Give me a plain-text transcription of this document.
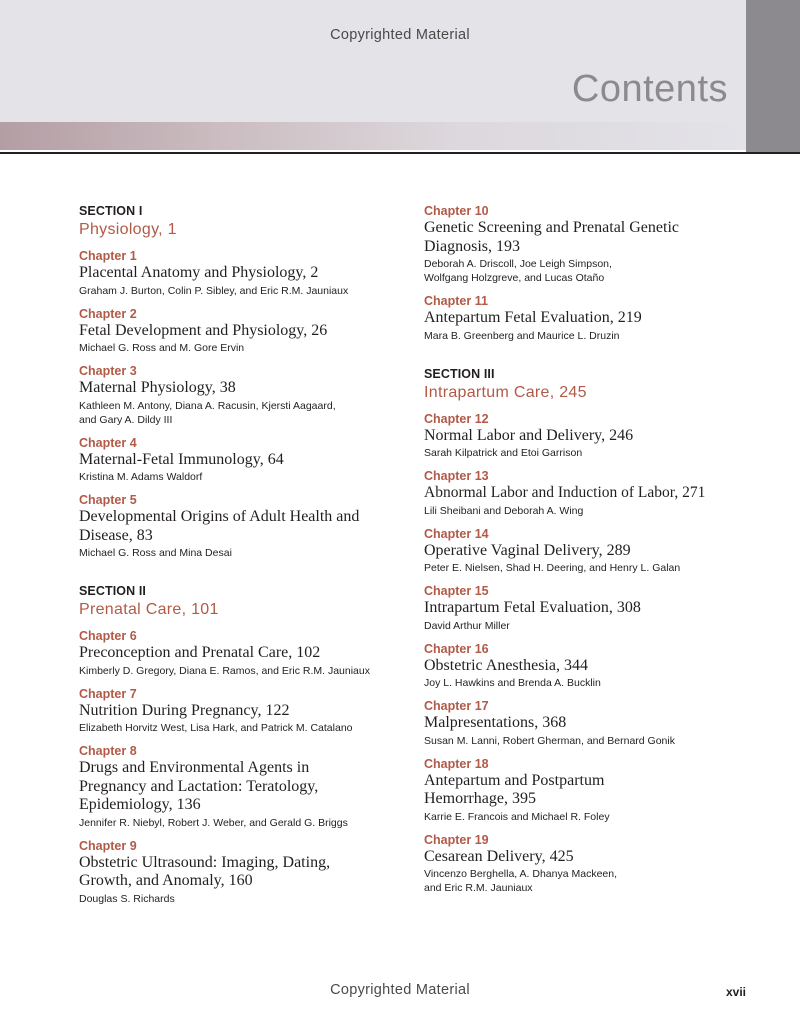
Copyrighted Material
Contents
SECTION I
Physiology, 1
Chapter 1
Placental Anatomy and Physiology, 2
Graham J. Burton, Colin P. Sibley, and Eric R.M. Jauniaux
Chapter 2
Fetal Development and Physiology, 26
Michael G. Ross and M. Gore Ervin
Chapter 3
Maternal Physiology, 38
Kathleen M. Antony, Diana A. Racusin, Kjersti Aagaard,
and Gary A. Dildy III
Chapter 4
Maternal-Fetal Immunology, 64
Kristina M. Adams Waldorf
Chapter 5
Developmental Origins of Adult Health and Disease, 83
Michael G. Ross and Mina Desai
SECTION II
Prenatal Care, 101
Chapter 6
Preconception and Prenatal Care, 102
Kimberly D. Gregory, Diana E. Ramos, and Eric R.M. Jauniaux
Chapter 7
Nutrition During Pregnancy, 122
Elizabeth Horvitz West, Lisa Hark, and Patrick M. Catalano
Chapter 8
Drugs and Environmental Agents in Pregnancy and Lactation: Teratology, Epidemiology, 136
Jennifer R. Niebyl, Robert J. Weber, and Gerald G. Briggs
Chapter 9
Obstetric Ultrasound: Imaging, Dating, Growth, and Anomaly, 160
Douglas S. Richards
Chapter 10
Genetic Screening and Prenatal Genetic Diagnosis, 193
Deborah A. Driscoll, Joe Leigh Simpson,
Wolfgang Holzgreve, and Lucas Otaño
Chapter 11
Antepartum Fetal Evaluation, 219
Mara B. Greenberg and Maurice L. Druzin
SECTION III
Intrapartum Care, 245
Chapter 12
Normal Labor and Delivery, 246
Sarah Kilpatrick and Etoi Garrison
Chapter 13
Abnormal Labor and Induction of Labor, 271
Lili Sheibani and Deborah A. Wing
Chapter 14
Operative Vaginal Delivery, 289
Peter E. Nielsen, Shad H. Deering, and Henry L. Galan
Chapter 15
Intrapartum Fetal Evaluation, 308
David Arthur Miller
Chapter 16
Obstetric Anesthesia, 344
Joy L. Hawkins and Brenda A. Bucklin
Chapter 17
Malpresentations, 368
Susan M. Lanni, Robert Gherman, and Bernard Gonik
Chapter 18
Antepartum and Postpartum Hemorrhage, 395
Karrie E. Francois and Michael R. Foley
Chapter 19
Cesarean Delivery, 425
Vincenzo Berghella, A. Dhanya Mackeen,
and Eric R.M. Jauniaux
Copyrighted Material	xvii
